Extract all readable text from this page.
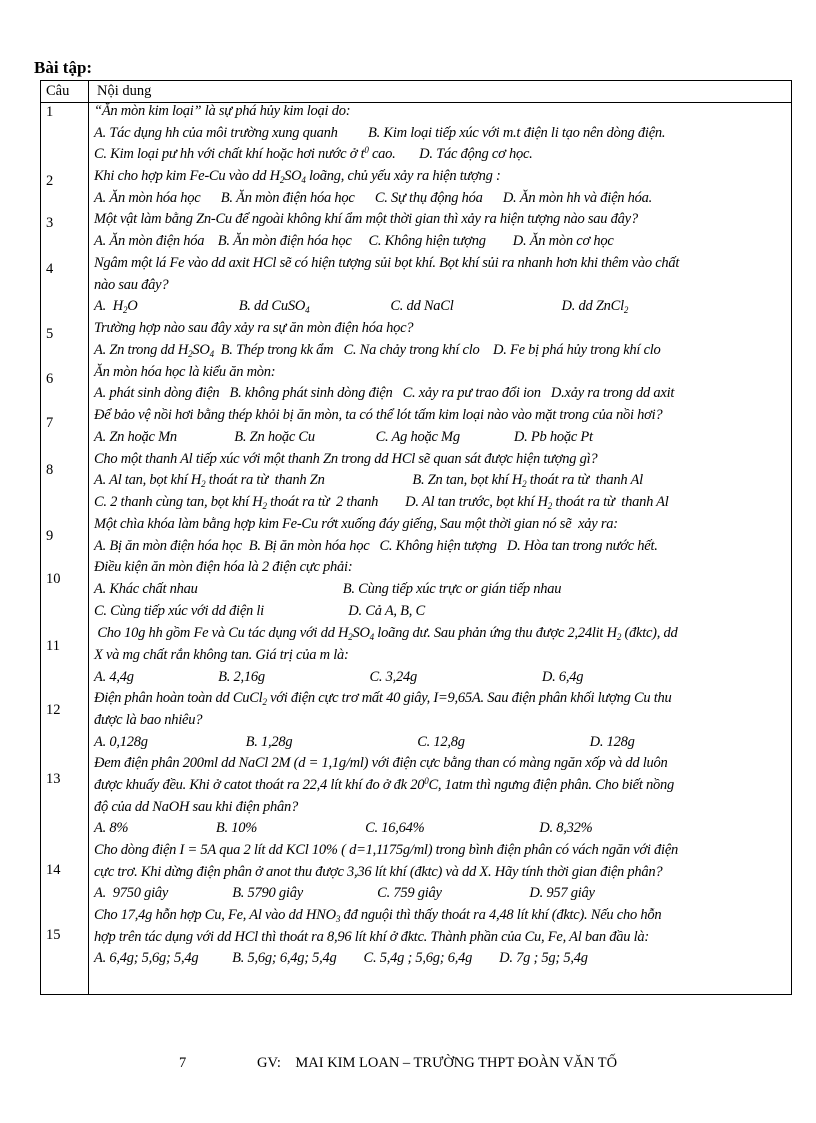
Bài tập:
Câu Nội dung
1	“Ăn mòn kim loại” là sự phá hủy kim loại do:
A. Tác dụng hh của môi trường xung quanh         B. Kim loại tiếp xúc với m.t điện li tạo nên dòng điện.
C. Kim loại pư hh với chất khí hoặc hơi nước ở $t^0$ cao.       D. Tác động cơ học.
2	Khi cho hợp kim Fe-Cu vào dd $H_2SO_4$ loãng, chủ yếu xảy ra hiện tượng :
A. Ăn mòn hóa học      B. Ăn mòn điện hóa học      C. Sự thụ động hóa      D. Ăn mòn hh và điện hóa.
3	Một vật làm bằng Zn-Cu để ngoài không khí ẩm một thời gian thì xảy ra hiện tượng nào sau đây?
A. Ăn mòn điện hóa    B. Ăn mòn điện hóa học     C. Không hiện tượng        D. Ăn mòn cơ học
4	Ngâm một lá Fe vào dd axit HCl sẽ có hiện tượng sủi bọt khí. Bọt khí sủi ra nhanh hơn khi thêm vào chất
nào sau đây?
A.  $H_2O$                              B. dd CuSO$_4$                        C. dd NaCl                                D. dd ZnCl$_2$
5	Trường hợp nào sau đây xảy ra sự ăn mòn điện hóa học?
A. Zn trong dd $H_2SO_4$  B. Thép trong kk ẩm   C. Na chảy trong khí clo    D. Fe bị phá hủy trong khí clo
6	Ăn mòn hóa học là kiểu ăn mòn:
A. phát sinh dòng điện   B. không phát sinh dòng điện   C. xảy ra pư trao đổi ion   D.xảy ra trong dd axit
7	Để bảo vệ nồi hơi bằng thép khỏi bị ăn mòn, ta có thể lót tấm kim loại nào vào mặt trong của nồi hơi?
A. Zn hoặc Mn                 B. Zn hoặc Cu                  C. Ag hoặc Mg                D. Pb hoặc Pt
8
Cho một thanh Al tiếp xúc với một thanh Zn trong dd HCl sẽ quan sát được hiện tượng gì?
A. Al tan, bọt khí $H_2$ thoát ra từ  thanh Zn                          B. Zn tan, bọt khí $H_2$ thoát ra từ  thanh Al
C. 2 thanh cùng tan, bọt khí $H_2$ thoát ra từ  2 thanh        D. Al tan trước, bọt khí $H_2$ thoát ra từ  thanh Al
9
Một chìa khóa làm bằng hợp kim Fe-Cu rớt xuống đáy giếng, Sau một thời gian nó sẽ  xảy ra:
A. Bị ăn mòn điện hóa học  B. Bị ăn mòn hóa học   C. Không hiện tượng   D. Hòa tan trong nước hết.
10
Điều kiện ăn mòn điện hóa là 2 điện cực phải:
A. Khác chất nhau                                           B. Cùng tiếp xúc trực or gián tiếp nhau
C. Cùng tiếp xúc với dd điện li                         D. Cả A, B, C
11
Cho 10g hh gồm Fe và Cu tác dụng với dd $H_2SO_4$ loãng dư. Sau phản ứng thu được 2,24lit $H_2$ (đktc), dd
X và mg chất rắn không tan. Giá trị của m là:
A. 4,4g                         B. 2,16g                               C. 3,24g                                     D. 6,4g
12
Điện phân hoàn toàn dd CuCl$_2$ với điện cực trơ mất 40 giây, I=9,65A. Sau điện phân khối lượng Cu thu
được là bao nhiêu?
A. 0,128g                             B. 1,28g                                     C. 12,8g                                     D. 128g
13
Đem điện phân 200ml dd NaCl 2M (d = 1,1g/ml) với điện cực bằng than có màng ngăn xốp và dd luôn
được khuấy đều. Khi ở catot thoát ra 22,4 lít khí đo ở đk $20^0C$, 1atm thì ngưng điện phân. Cho biết nồng
độ của dd NaOH sau khi điện phân?
A. 8%                          B. 10%                                C. 16,64%                                  D. 8,32%
14
Cho dòng điện I = 5A qua 2 lít dd KCl 10% ( d=1,1175g/ml) trong bình điện phân có vách ngăn với điện
cực trơ. Khi dừng điện phân ở anot thu được 3,36 lít khí (đktc) và dd X. Hãy tính thời gian điện phân?
A.  9750 giây                   B. 5790 giây                      C. 759 giây                          D. 957 giây
15
Cho 17,4g hỗn hợp Cu, Fe, Al vào dd $HNO_3$ đđ nguội thì thấy thoát ra 4,48 lít khí (đktc). Nếu cho hỗn
hợp trên tác dụng với dd HCl thì thoát ra 8,96 lít khí ở đktc. Thành phần của Cu, Fe, Al ban đầu là:
A. 6,4g; 5,6g; 5,4g          B. 5,6g; 6,4g; 5,4g        C. 5,4g ; 5,6g; 6,4g        D. 7g ; 5g; 5,4g
7	GV:    MAI KIM LOAN – TRƯỜNG THPT ĐOÀN VĂN TỐ
